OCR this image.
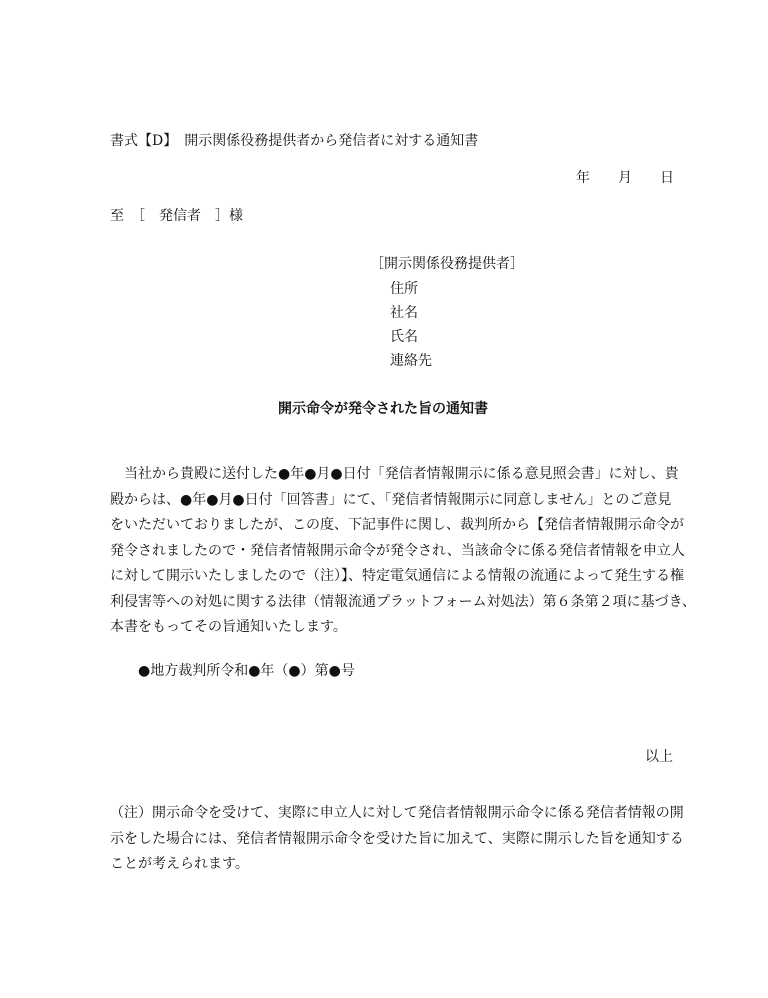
書式【D】　開示関係役務提供者から発信者に対する通知書
年　　月　　日
至　［　発信者　］様
［開示関係役務提供者］
住所
社名
氏名
連絡先
開示命令が発令された旨の通知書

　当社から貴殿に送付した●年●月●日付「発信者情報開示に係る意見照会書」に対し、貴

殿からは、●年●月●日付「回答書」にて、「発信者情報開示に同意しません」とのご意見

をいただいておりましたが、この度、下記事件に関し、裁判所から【発信者情報開示命令が

発令されましたので・発信者情報開示命令が発令され、当該命令に係る発信者情報を申立人

に対して開示いたしましたので（注）】、特定電気通信による情報の流通によって発生する権

利侵害等への対処に関する法律（情報流通プラットフォーム対処法）第６条第２項に基づき、

本書をもってその旨通知いたします。

●地方裁判所令和●年（●）第●号
以上

（注）開示命令を受けて、実際に申立人に対して発信者情報開示命令に係る発信者情報の開

示をした場合には、発信者情報開示命令を受けた旨に加えて、実際に開示した旨を通知する

ことが考えられます。
